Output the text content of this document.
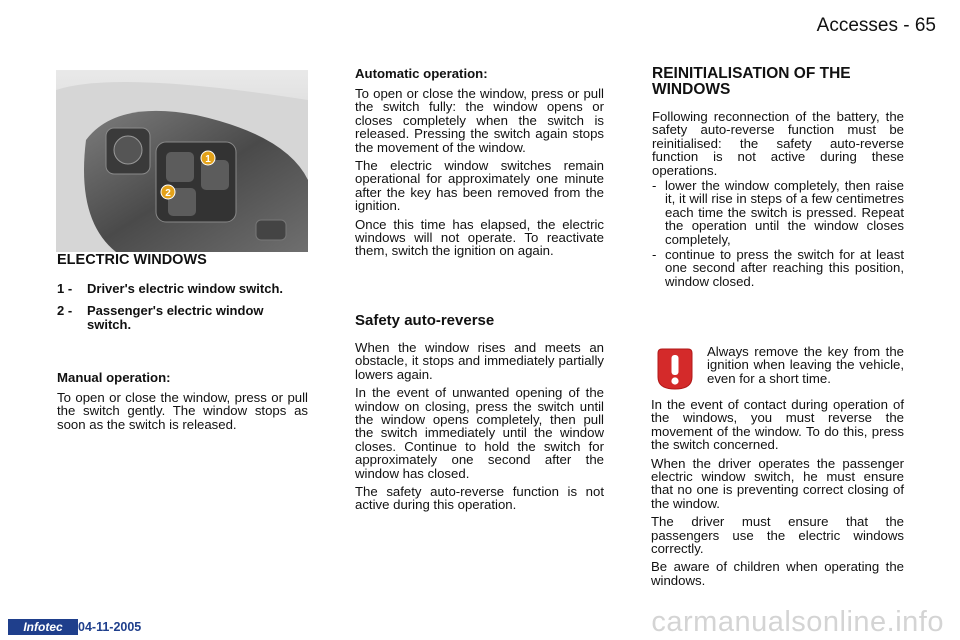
Accesses - 65
1
2
ELECTRIC WINDOWS
1 -	Driver's electric window switch.
2 -	Passenger's electric window switch.
Manual operation:

To open or close the window, press or pull the switch gently. The window stops as soon as the switch is released.

Automatic operation:

To open or close the window, press or pull the switch fully: the window opens or closes completely when the switch is released. Pressing the switch again stops the movement of the window.

The electric window switches remain operational for approximately one minute after the key has been removed from the ignition.

Once this time has elapsed, the electric windows will not operate. To reactivate them, switch the ignition on again.

Safety auto-reverse

When the window rises and meets an obstacle, it stops and immediately partially lowers again.

In the event of unwanted opening of the window on closing, press the switch until the window opens completely, then pull the switch immediately until the window closes. Continue to hold the switch for approximately one second after the window has closed.

The safety auto-reverse function is not active during this operation.

REINITIALISATION OF THE WINDOWS

Following reconnection of the battery, the safety auto-reverse function must be reinitialised: the safety auto-reverse function is not active during these operations.

- lower the window completely, then raise it, it will rise in steps of a few centimetres each time the switch is pressed. Repeat the operation until the window closes completely,
- continue to press the switch for at least one second after reaching this position, window closed.

Always remove the key from the ignition when leaving the vehicle, even for a short time.

In the event of contact during operation of the windows, you must reverse the movement of the window. To do this, press the switch concerned.

When the driver operates the passenger electric window switch, he must ensure that no one is preventing correct closing of the window.

The driver must ensure that the passengers use the electric windows correctly.

Be aware of children when operating the windows.

Infotec	04-11-2005	carmanualsonline.info
